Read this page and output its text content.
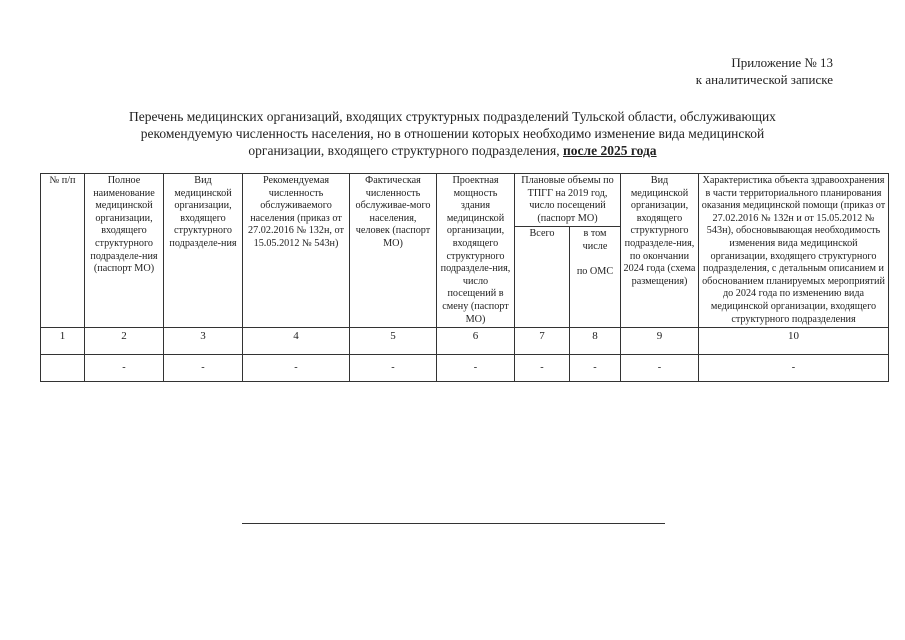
Приложение № 13
к аналитической записке
Перечень медицинских организаций, входящих структурных подразделений Тульской области, обслуживающих
рекомендуемую численность населения, но в отношении которых необходимо изменение вида медицинской
организации, входящего структурного подразделения, после 2025 года
№ п/п	Полное наименование медицинской организации, входящего структурного подразделе-ния (паспорт МО)	Вид медицинской организации, входящего структурного подразделе-ния	Рекомендуемая численность обслуживаемого населения (приказ от 27.02.2016 № 132н, от 15.05.2012 № 543н)	Фактическая численность обслуживае-мого населения, человек (паспорт МО)	Проектная мощность здания медицинской организации, входящего структурного подразделе-ния, число посещений в смену (паспорт МО)	Плановые объемы по ТПГГ на 2019 год, число посещений (паспорт МО)		Вид медицинской организации, входящего структурного подразделе-ния, по окончании 2024 года (схема размещения)	Характеристика объекта здравоохранения в части территориального планирования оказания медицинской помощи (приказ от 27.02.2016 № 132н и от 15.05.2012 № 543н), обосновывающая необходимость изменения вида медицинской организации, входящего структурного подразделения, с детальным описанием и обоснованием планируемых мероприятий до 2024 года по изменению вида медицинской организации, входящего структурного подразделения
						Всего	в том числе
по ОМС		

1	2	3	4	5	6	7	8	9	10
	-	-	-	-	-	-	-	-	-
